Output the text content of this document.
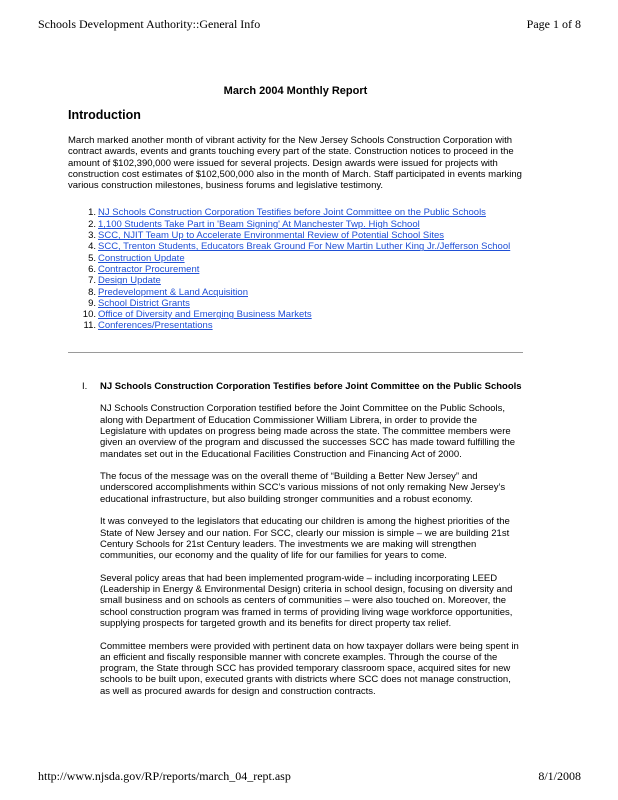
Schools Development Authority::General Info	Page 1 of 8

March 2004 Monthly Report

Introduction

March marked another month of vibrant activity for the New Jersey Schools Construction Corporation with contract awards, events and grants touching every part of the state. Construction notices to proceed in the amount of $102,390,000 were issued for several projects. Design awards were issued for projects with construction cost estimates of $102,500,000 also in the month of March. Staff participated in events marking various construction milestones, business forums and legislative testimony.

1. NJ Schools Construction Corporation Testifies before Joint Committee on the Public Schools
2. 1,100 Students Take Part in 'Beam Signing' At Manchester Twp. High School
3. SCC, NJIT Team Up to Accelerate Environmental Review of Potential School Sites
4. SCC, Trenton Students, Educators Break Ground For New Martin Luther King Jr./Jefferson School
5. Construction Update
6. Contractor Procurement
7. Design Update
8. Predevelopment & Land Acquisition
9. School District Grants
10. Office of Diversity and Emerging Business Markets
11. Conferences/Presentations
I.	NJ Schools Construction Corporation Testifies before Joint Committee on the Public Schools

NJ Schools Construction Corporation testified before the Joint Committee on the Public Schools, along with Department of Education Commissioner William Librera, in order to provide the Legislature with updates on progress being made across the state. The committee members were given an overview of the program and discussed the successes SCC has made toward fulfilling the mandates set out in the Educational Facilities Construction and Financing Act of 2000.

The focus of the message was on the overall theme of “Building a Better New Jersey” and underscored accomplishments within SCC’s various missions of not only remaking New Jersey’s educational infrastructure, but also building stronger communities and a robust economy.

It was conveyed to the legislators that educating our children is among the highest priorities of the State of New Jersey and our nation. For SCC, clearly our mission is simple – we are building 21st Century Schools for 21st Century leaders. The investments we are making will strengthen communities, our economy and the quality of life for our families for years to come.

Several policy areas that had been implemented program-wide – including incorporating LEED (Leadership in Energy & Environmental Design) criteria in school design, focusing on diversity and small business and on schools as centers of communities – were also touched on. Moreover, the school construction program was framed in terms of providing living wage workforce opportunities, supplying prospects for targeted growth and its benefits for direct property tax relief.

Committee members were provided with pertinent data on how taxpayer dollars were being spent in an efficient and fiscally responsible manner with concrete examples. Through the course of the program, the State through SCC has provided temporary classroom space, acquired sites for new schools to be built upon, executed grants with districts where SCC does not manage construction, as well as procured awards for design and construction contracts.

http://www.njsda.gov/RP/reports/march_04_rept.asp	8/1/2008
